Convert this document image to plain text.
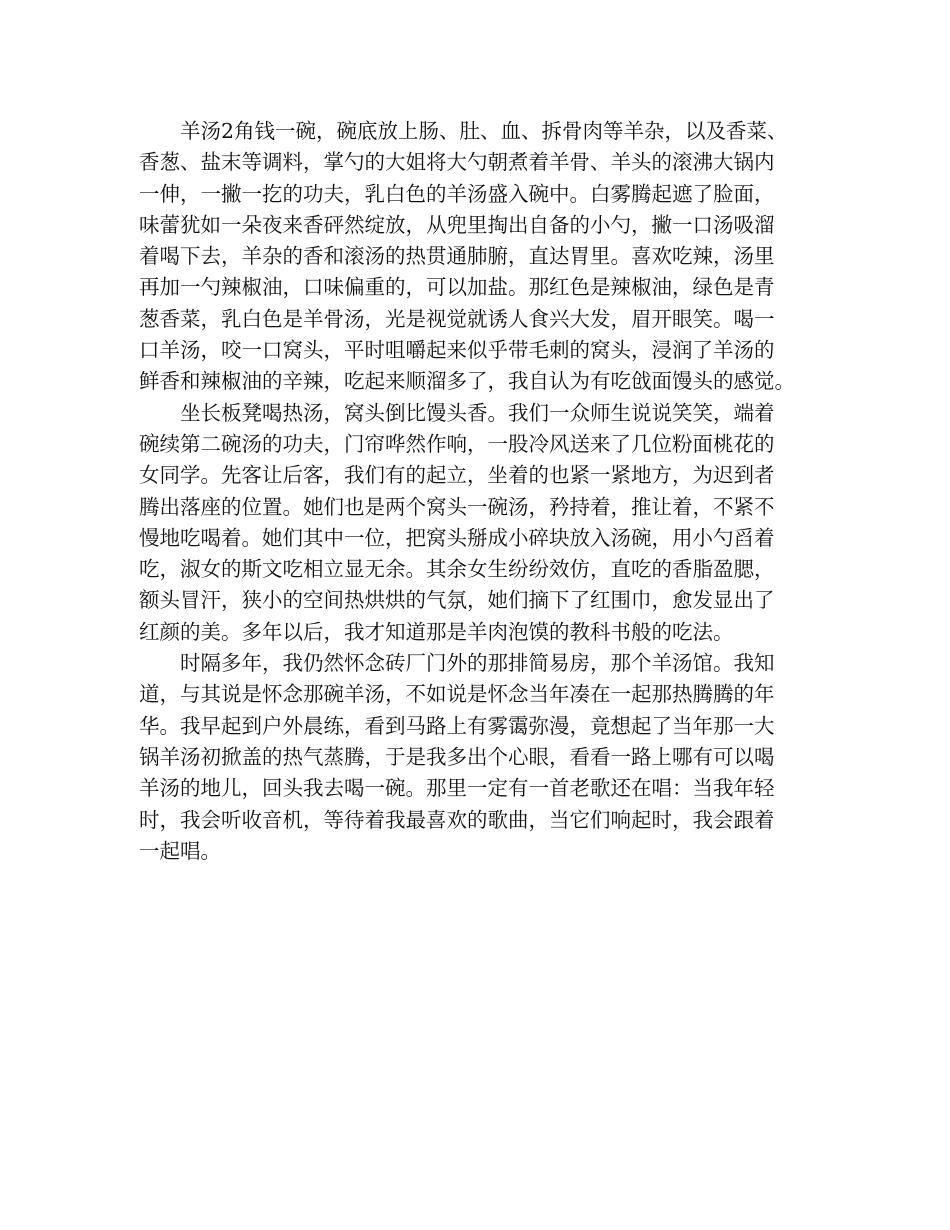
羊汤2角钱一碗，碗底放上肠、肚、血、拆骨肉等羊杂，以及香菜、
香葱、盐末等调料，掌勺的大姐将大勺朝煮着羊骨、羊头的滚沸大锅内
一伸，一撇一扢的功夫，乳白色的羊汤盛入碗中。白雾腾起遮了脸面，
味蕾犹如一朵夜来香砰然绽放，从兜里掏出自备的小勺，撇一口汤吸溜
着喝下去，羊杂的香和滚汤的热贯通肺腑，直达胃里。喜欢吃辣，汤里
再加一勺辣椒油，口味偏重的，可以加盐。那红色是辣椒油，绿色是青
葱香菜，乳白色是羊骨汤，光是视觉就诱人食兴大发，眉开眼笑。喝一
口羊汤，咬一口窝头，平时咀嚼起来似乎带毛刺的窝头，浸润了羊汤的
鲜香和辣椒油的辛辣，吃起来顺溜多了，我自认为有吃戗面馒头的感觉。
坐长板凳喝热汤，窝头倒比馒头香。我们一众师生说说笑笑，端着
碗续第二碗汤的功夫，门帘哗然作响，一股冷风送来了几位粉面桃花的
女同学。先客让后客，我们有的起立，坐着的也紧一紧地方，为迟到者
腾出落座的位置。她们也是两个窝头一碗汤，矜持着，推让着，不紧不
慢地吃喝着。她们其中一位，把窝头掰成小碎块放入汤碗，用小勺舀着
吃，淑女的斯文吃相立显无余。其余女生纷纷效仿，直吃的香脂盈腮，
额头冒汗，狭小的空间热烘烘的气氛，她们摘下了红围巾，愈发显出了
红颜的美。多年以后，我才知道那是羊肉泡馍的教科书般的吃法。
时隔多年，我仍然怀念砖厂门外的那排简易房，那个羊汤馆。我知
道，与其说是怀念那碗羊汤，不如说是怀念当年凑在一起那热腾腾的年
华。我早起到户外晨练，看到马路上有雾霭弥漫，竟想起了当年那一大
锅羊汤初掀盖的热气蒸腾，于是我多出个心眼，看看一路上哪有可以喝
羊汤的地儿，回头我去喝一碗。那里一定有一首老歌还在唱：当我年轻
时，我会听收音机，等待着我最喜欢的歌曲，当它们响起时，我会跟着
一起唱。
